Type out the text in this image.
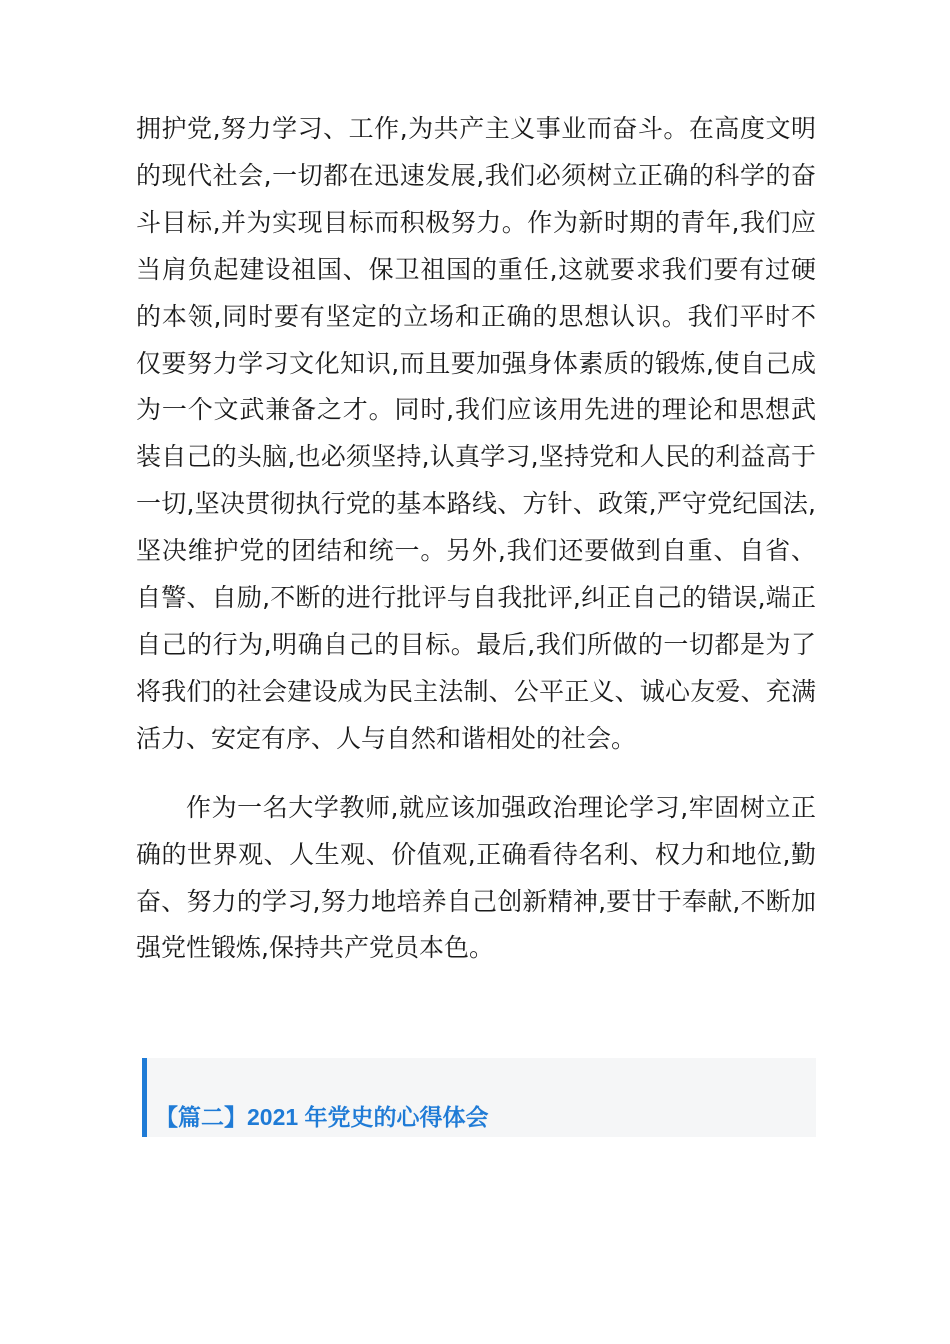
拥护党,努力学习、工作,为共产主义事业而奋斗。在高度文明的现代社会,一切都在迅速发展,我们必须树立正确的科学的奋斗目标,并为实现目标而积极努力。作为新时期的青年,我们应当肩负起建设祖国、保卫祖国的重任,这就要求我们要有过硬的本领,同时要有坚定的立场和正确的思想认识。我们平时不仅要努力学习文化知识,而且要加强身体素质的锻炼,使自己成为一个文武兼备之才。同时,我们应该用先进的理论和思想武装自己的头脑,也必须坚持,认真学习,坚持党和人民的利益高于一切,坚决贯彻执行党的基本路线、方针、政策,严守党纪国法,坚决维护党的团结和统一。另外,我们还要做到自重、自省、自警、自励,不断的进行批评与自我批评,纠正自己的错误,端正自己的行为,明确自己的目标。最后,我们所做的一切都是为了将我们的社会建设成为民主法制、公平正义、诚心友爱、充满活力、安定有序、人与自然和谐相处的社会。

作为一名大学教师,就应该加强政治理论学习,牢固树立正确的世界观、人生观、价值观,正确看待名利、权力和地位,勤奋、努力的学习,努力地培养自己创新精神,要甘于奉献,不断加强党性锻炼,保持共产党员本色。

【篇二】2021 年党史的心得体会
